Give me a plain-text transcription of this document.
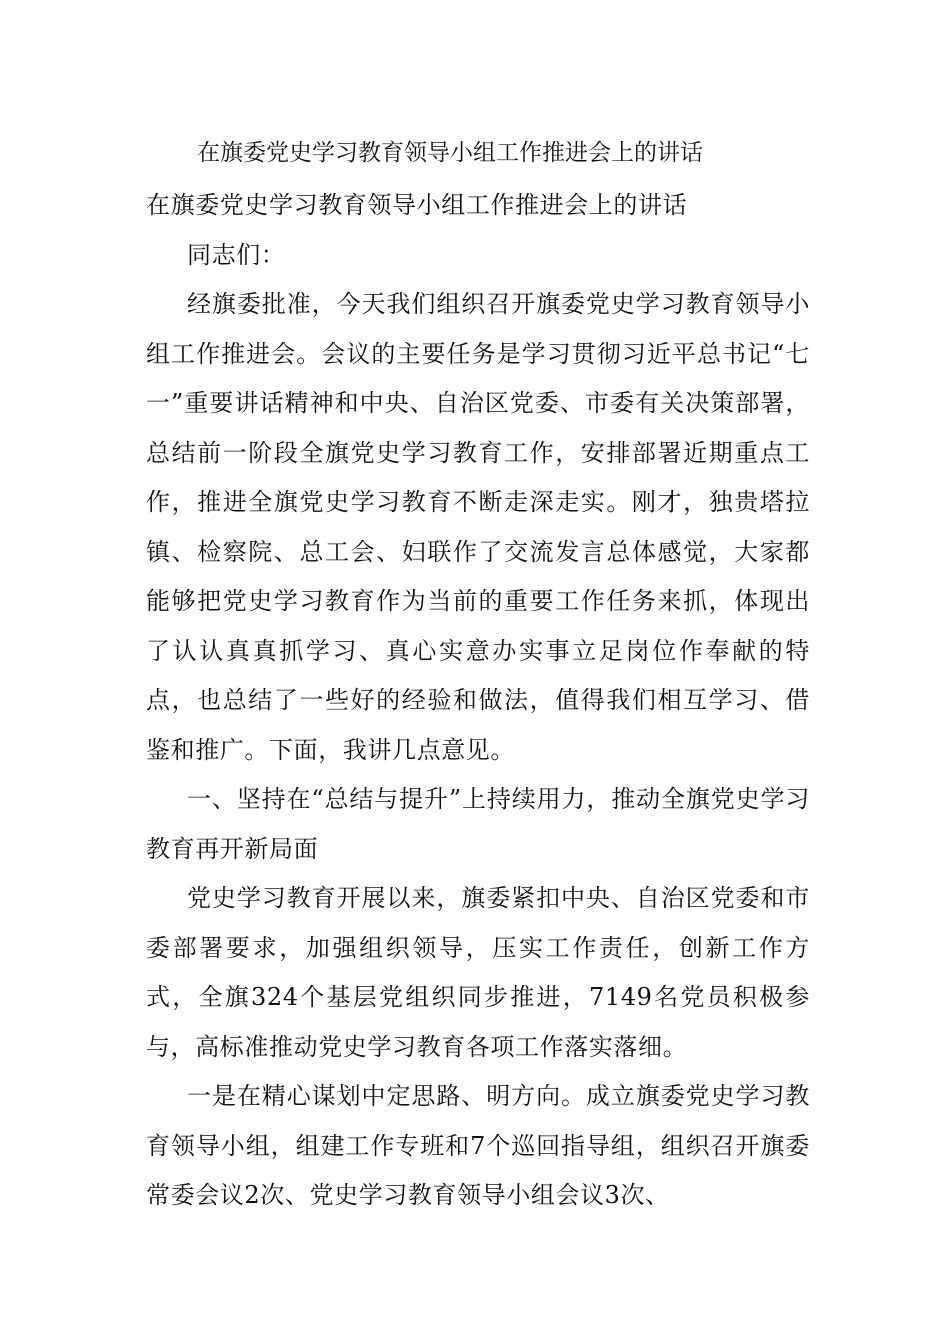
在旗委党史学习教育领导小组工作推进会上的讲话

在旗委党史学习教育领导小组工作推进会上的讲话

同志们：

经旗委批准，今天我们组织召开旗委党史学习教育领导小组工作推进会。会议的主要任务是学习贯彻习近平总书记“七一”重要讲话精神和中央、自治区党委、市委有关决策部署，总结前一阶段全旗党史学习教育工作，安排部署近期重点工作，推进全旗党史学习教育不断走深走实。刚才，独贵塔拉镇、检察院、总工会、妇联作了交流发言总体感觉，大家都能够把党史学习教育作为当前的重要工作任务来抓，体现出了认认真真抓学习、真心实意办实事立足岗位作奉献的特点，也总结了一些好的经验和做法，值得我们相互学习、借鉴和推广。下面，我讲几点意见。

一、坚持在“总结与提升”上持续用力，推动全旗党史学习教育再开新局面

党史学习教育开展以来，旗委紧扣中央、自治区党委和市委部署要求，加强组织领导，压实工作责任，创新工作方式，全旗324个基层党组织同步推进，7149名党员积极参与，高标准推动党史学习教育各项工作落实落细。

一是在精心谋划中定思路、明方向。成立旗委党史学习教育领导小组，组建工作专班和7个巡回指导组，组织召开旗委常委会议2次、党史学习教育领导小组会议3次、
